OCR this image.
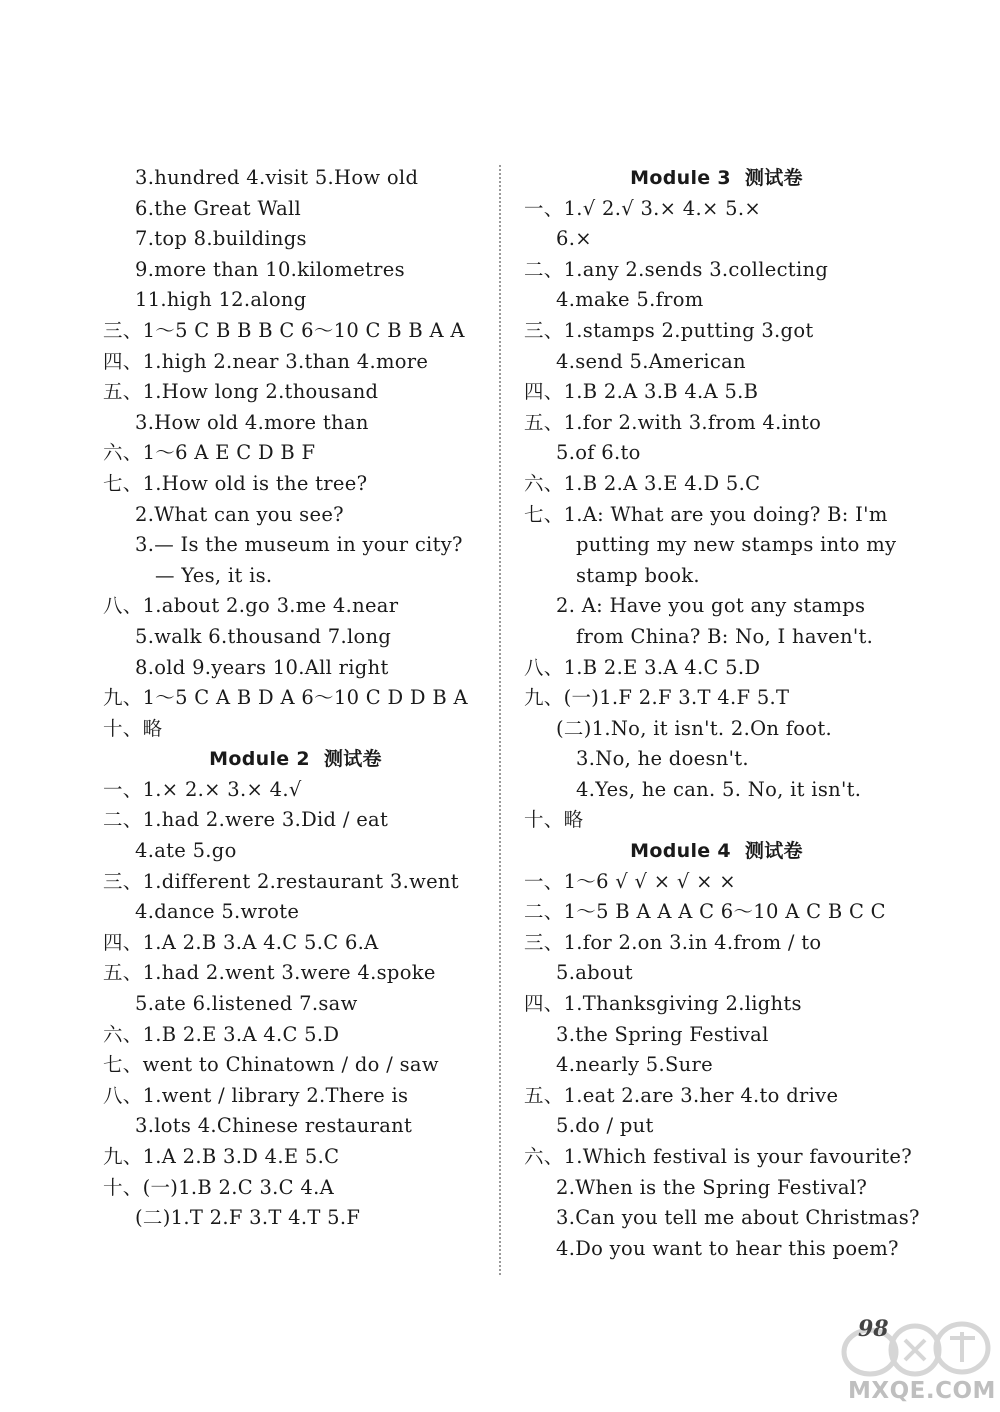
3.hundred 4.visit 5.How old
6.the Great Wall
7.top 8.buildings
9.more than 10.kilometres
11.high 12.along
三、1～5 C B B B C 6～10 C B B A A
四、1.high 2.near 3.than 4.more
五、1.How long 2.thousand
3.How old 4.more than
六、1～6 A E C D B F
七、1.How old is the tree?
2.What can you see?
3.— Is the museum in your city?
— Yes, it is.
八、1.about 2.go 3.me 4.near
5.walk 6.thousand 7.long
8.old 9.years 10.All right
九、1～5 C A B D A 6～10 C D D B A
十、略
Module 2 测试卷
一、1.× 2.× 3.× 4.√
二、1.had 2.were 3.Did / eat
4.ate 5.go
三、1.different 2.restaurant 3.went
4.dance 5.wrote
四、1.A 2.B 3.A 4.C 5.C 6.A
五、1.had 2.went 3.were 4.spoke
5.ate 6.listened 7.saw
六、1.B 2.E 3.A 4.C 5.D
七、went to Chinatown / do / saw
八、1.went / library 2.There is
3.lots 4.Chinese restaurant
九、1.A 2.B 3.D 4.E 5.C
十、(一)1.B 2.C 3.C 4.A
(二)1.T 2.F 3.T 4.T 5.F
Module 3 测试卷
一、1.√ 2.√ 3.× 4.× 5.×
6.×
二、1.any 2.sends 3.collecting
4.make 5.from
三、1.stamps 2.putting 3.got
4.send 5.American
四、1.B 2.A 3.B 4.A 5.B
五、1.for 2.with 3.from 4.into
5.of 6.to
六、1.B 2.A 3.E 4.D 5.C
七、1.A: What are you doing? B: I'm
putting my new stamps into my
stamp book.
2. A: Have you got any stamps
from China? B: No, I haven't.
八、1.B 2.E 3.A 4.C 5.D
九、(一)1.F 2.F 3.T 4.F 5.T
(二)1.No, it isn't. 2.On foot.
3.No, he doesn't.
4.Yes, he can. 5. No, it isn't.
十、略
Module 4 测试卷
一、1～6 √ √ × √ × ×
二、1～5 B A A A C 6～10 A C B C C
三、1.for 2.on 3.in 4.from / to
5.about
四、1.Thanksgiving 2.lights
3.the Spring Festival
4.nearly 5.Sure
五、1.eat 2.are 3.her 4.to drive
5.do / put
六、1.Which festival is your favourite?
2.When is the Spring Festival?
3.Can you tell me about Christmas?
4.Do you want to hear this poem?
98
MXQE.COM
